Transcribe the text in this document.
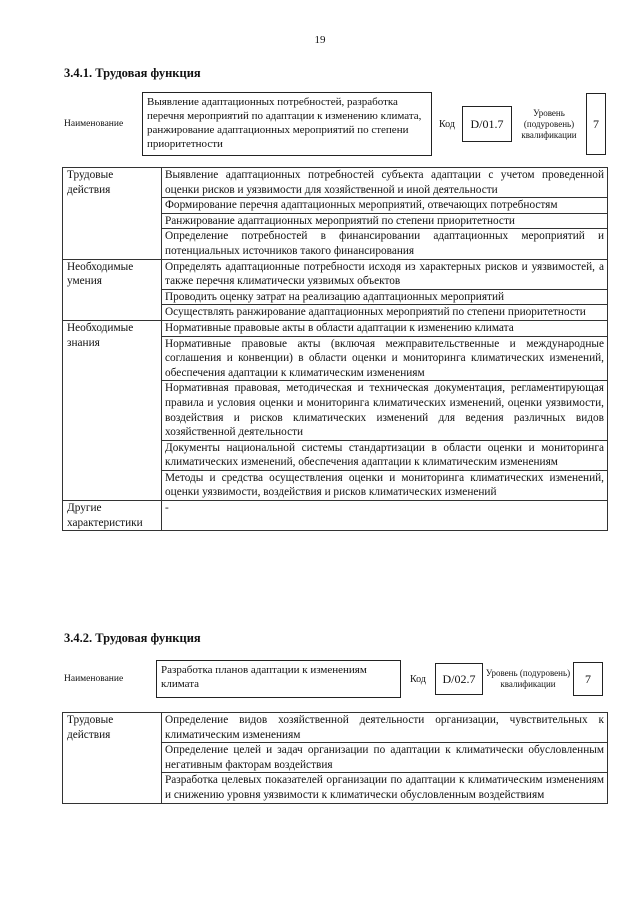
19
3.4.1. Трудовая функция
Наименование
Выявление адаптационных потребностей, разработка перечня мероприятий по адаптации к изменению климата, ранжирование адаптационных мероприятий по степени приоритетности
Код	D/01.7
Уровень (подуровень) квалификации
7
Трудовые действия	Выявление адаптационных потребностей субъекта адаптации с учетом проведенной оценки рисков и уязвимости для хозяйственной и иной деятельности
	Формирование перечня адаптационных мероприятий, отвечающих потребностям
	Ранжирование адаптационных мероприятий по степени приоритетности
	Определение потребностей в финансировании адаптационных мероприятий и потенциальных источников такого финансирования
Необходимые умения	Определять адаптационные потребности исходя из характерных рисков и уязвимостей, а также перечня климатически уязвимых объектов
	Проводить оценку затрат на реализацию адаптационных мероприятий
	Осуществлять ранжирование адаптационных мероприятий по степени приоритетности
Необходимые знания	Нормативные правовые акты в области адаптации к изменению климата
	Нормативные правовые акты (включая межправительственные и международные соглашения и конвенции) в области оценки и мониторинга климатических изменений, обеспечения адаптации к климатическим изменениям
	Нормативная правовая, методическая и техническая документация, регламентирующая правила и условия оценки и мониторинга климатических изменений, оценки уязвимости, воздействия и рисков климатических изменений для ведения различных видов хозяйственной деятельности
	Документы национальной системы стандартизации в области оценки и мониторинга климатических изменений, обеспечения адаптации к климатическим изменениям
	Методы и средства осуществления оценки и мониторинга климатических изменений, оценки уязвимости, воздействия и рисков климатических изменений
Другие характеристики	-
3.4.2. Трудовая функция
Наименование
Разработка планов адаптации к изменениям климата	Код	D/02.7	Уровень (подуровень) квалификации	7
Трудовые действия	Определение видов хозяйственной деятельности организации, чувствительных к климатическим изменениям
Определение целей и задач организации по адаптации к климатически обусловленным негативным факторам воздействия
Разработка целевых показателей организации по адаптации к климатическим изменениям и снижению уровня уязвимости к климатически обусловленным воздействиям
